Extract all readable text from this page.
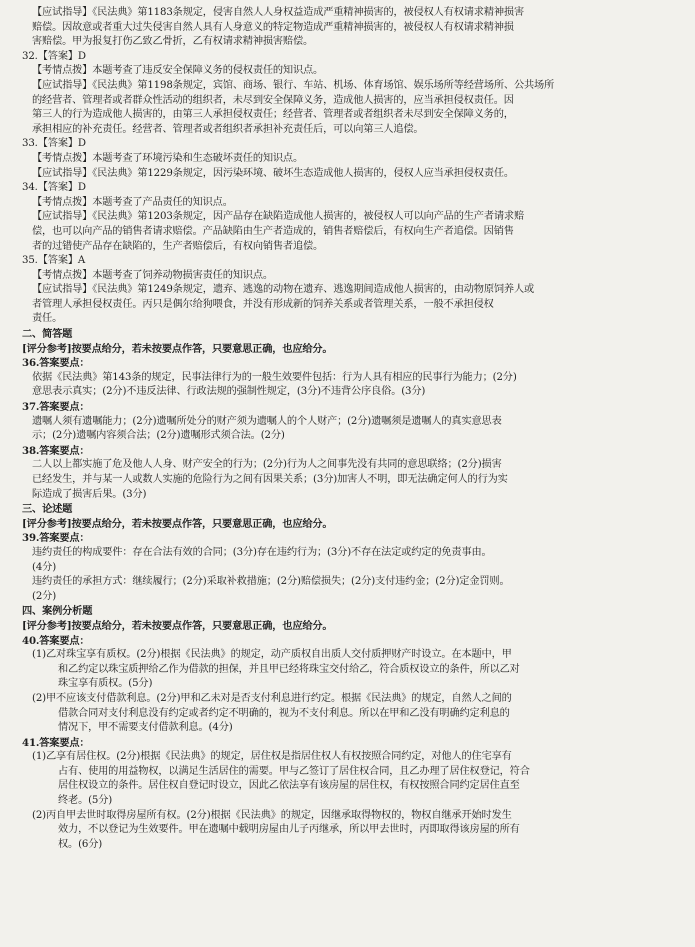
【应试指导】《民法典》第1183条规定，侵害自然人人身权益造成严重精神损害的，被侵权人有权请求精神损害
赔偿。因故意或者重大过失侵害自然人具有人身意义的特定物造成严重精神损害的，被侵权人有权请求精神损
害赔偿。甲为报复打伤乙致乙骨折，乙有权请求精神损害赔偿。
32.【答案】D
【考情点拨】本题考查了违反安全保障义务的侵权责任的知识点。
【应试指导】《民法典》第1198条规定，宾馆、商场、银行、车站、机场、体育场馆、娱乐场所等经营场所、公共场所
的经营者、管理者或者群众性活动的组织者，未尽到安全保障义务，造成他人损害的，应当承担侵权责任。因
第三人的行为造成他人损害的，由第三人承担侵权责任；经营者、管理者或者组织者未尽到安全保障义务的，
承担相应的补充责任。经营者、管理者或者组织者承担补充责任后，可以向第三人追偿。
33.【答案】D
【考情点拨】本题考查了环境污染和生态破坏责任的知识点。
【应试指导】《民法典》第1229条规定，因污染环境、破坏生态造成他人损害的，侵权人应当承担侵权责任。
34.【答案】D
【考情点拨】本题考查了产品责任的知识点。
【应试指导】《民法典》第1203条规定，因产品存在缺陷造成他人损害的，被侵权人可以向产品的生产者请求赔
偿，也可以向产品的销售者请求赔偿。产品缺陷由生产者造成的，销售者赔偿后，有权向生产者追偿。因销售
者的过错使产品存在缺陷的，生产者赔偿后，有权向销售者追偿。
35.【答案】A
【考情点拨】本题考查了饲养动物损害责任的知识点。
【应试指导】《民法典》第1249条规定，遗弃、逃逸的动物在遗弃、逃逸期间造成他人损害的，由动物原饲养人或
者管理人承担侵权责任。丙只是偶尔给狗喂食，并没有形成新的饲养关系或者管理关系，一般不承担侵权
责任。
二、简答题
[评分参考]按要点给分，若未按要点作答，只要意思正确，也应给分。
36.答案要点：
依据《民法典》第143条的规定，民事法律行为的一般生效要件包括：行为人具有相应的民事行为能力；(2分)
意思表示真实；(2分)不违反法律、行政法规的强制性规定，(3分)不违背公序良俗。(3分)
37.答案要点：
遗嘱人须有遗嘱能力；(2分)遗嘱所处分的财产须为遗嘱人的个人财产；(2分)遗嘱须是遗嘱人的真实意思表
示；(2分)遗嘱内容须合法；(2分)遗嘱形式须合法。(2分)
38.答案要点：
二人以上都实施了危及他人人身、财产安全的行为；(2分)行为人之间事先没有共同的意思联络；(2分)损害
已经发生，并与某一人或数人实施的危险行为之间有因果关系；(3分)加害人不明，即无法确定何人的行为实
际造成了损害后果。(3分)
三、论述题
[评分参考]按要点给分，若未按要点作答，只要意思正确，也应给分。
39.答案要点：
违约责任的构成要件：存在合法有效的合同；(3分)存在违约行为；(3分)不存在法定或约定的免责事由。
(4分)
违约责任的承担方式：继续履行；(2分)采取补救措施；(2分)赔偿损失；(2分)支付违约金；(2分)定金罚则。
(2分)
四、案例分析题
[评分参考]按要点给分，若未按要点作答，只要意思正确，也应给分。
40.答案要点：
(1)乙对珠宝享有质权。(2分)根据《民法典》的规定，动产质权自出质人交付质押财产时设立。在本题中，甲
和乙约定以珠宝质押给乙作为借款的担保，并且甲已经将珠宝交付给乙，符合质权设立的条件，所以乙对
珠宝享有质权。(5分)
(2)甲不应该支付借款利息。(2分)甲和乙未对是否支付利息进行约定。根据《民法典》的规定，自然人之间的
借款合同对支付利息没有约定或者约定不明确的，视为不支付利息。所以在甲和乙没有明确约定利息的
情况下，甲不需要支付借款利息。(4分)
41.答案要点：
(1)乙享有居住权。(2分)根据《民法典》的规定，居住权是指居住权人有权按照合同约定，对他人的住宅享有
占有、使用的用益物权，以满足生活居住的需要。甲与乙签订了居住权合同，且乙办理了居住权登记，符合
居住权设立的条件。居住权自登记时设立，因此乙依法享有该房屋的居住权，有权按照合同约定居住直至
终老。(5分)
(2)丙自甲去世时取得房屋所有权。(2分)根据《民法典》的规定，因继承取得物权的，物权自继承开始时发生
效力，不以登记为生效要件。甲在遗嘱中载明房屋由儿子丙继承，所以甲去世时，丙即取得该房屋的所有
权。(6分)
